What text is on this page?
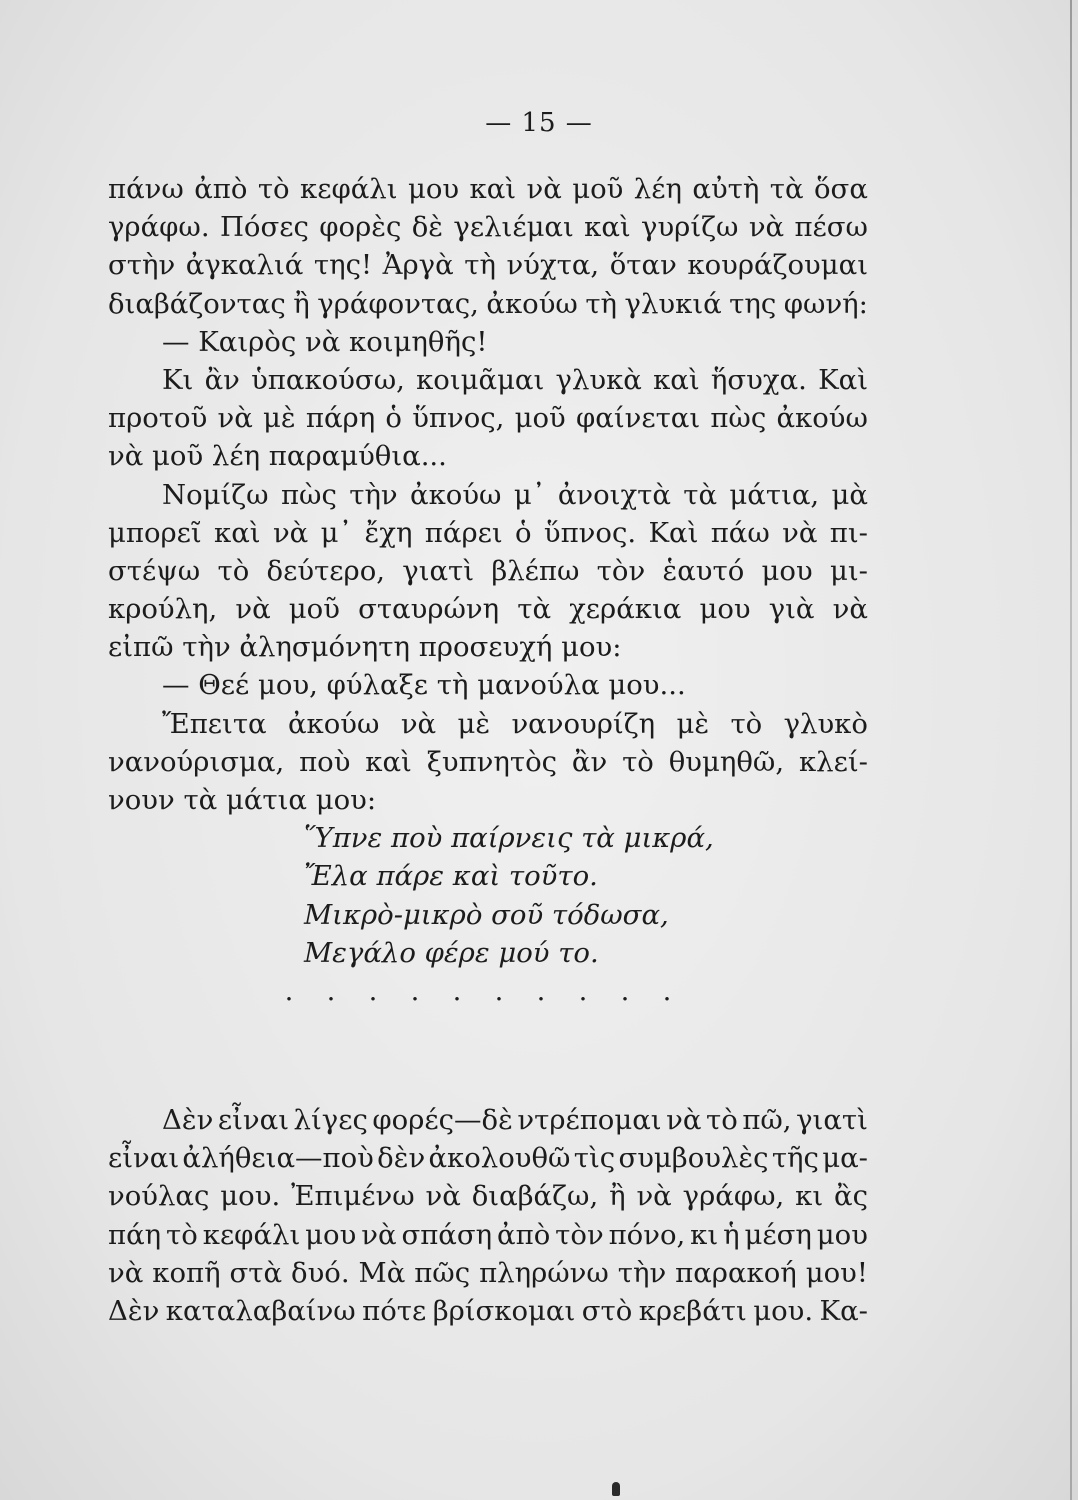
— 15 —
πάνω ἀπὸ τὸ κεφάλι μου καὶ νὰ μοῦ λέη αὐτὴ τὰ ὅσα
γράφω. Πόσες φορὲς δὲ γελιέμαι καὶ γυρίζω νὰ πέσω
στὴν ἀγκαλιά της! Ἀργὰ τὴ νύχτα, ὅταν κουράζουμαι
διαβάζοντας ἢ γράφοντας, ἀκούω τὴ γλυκιά της φωνή:
— Καιρὸς νὰ κοιμηθῆς!
Κι ἂν ὑπακούσω, κοιμᾶμαι γλυκὰ καὶ ἥσυχα. Καὶ
προτοῦ νὰ μὲ πάρη ὁ ὕπνος, μοῦ φαίνεται πὼς ἀκούω
νὰ μοῦ λέη παραμύθια...
Νομίζω πὼς τὴν ἀκούω μ᾿ ἀνοιχτὰ τὰ μάτια, μὰ
μπορεῖ καὶ νὰ μ᾿ ἔχη πάρει ὁ ὕπνος. Καὶ πάω νὰ πι-
στέψω τὸ δεύτερο, γιατὶ βλέπω τὸν ἑαυτό μου μι-
κρούλη, νὰ μοῦ σταυρώνη τὰ χεράκια μου γιὰ νὰ
εἰπῶ τὴν ἀλησμόνητη προσευχή μου:
— Θεέ μου, φύλαξε τὴ μανούλα μου...
Ἔπειτα ἀκούω νὰ μὲ νανουρίζη μὲ τὸ γλυκὸ
νανούρισμα, ποὺ καὶ ξυπνητὸς ἂν τὸ θυμηθῶ, κλεί-
νουν τὰ μάτια μου:
Ὕπνε ποὺ παίρνεις τὰ μικρά,
Ἔλα πάρε καὶ τοῦτο.
Μικρὸ-μικρὸ σοῦ τόδωσα,
Μεγάλο φέρε μού το.
.	.	.	.	.	.	.	.	.	.
Δὲν εἶναι λίγες φορές—δὲ ντρέπομαι νὰ τὸ πῶ, γιατὶ
εἶναι ἀλήθεια—ποὺ δὲν ἀκολουθῶ τὶς συμβουλὲς τῆς μα-
νούλας μου. Ἐπιμένω νὰ διαβάζω, ἢ νὰ γράφω, κι ἂς
πάη τὸ κεφάλι μου νὰ σπάση ἀπὸ τὸν πόνο, κι ἡ μέση μου
νὰ κοπῆ στὰ δυό. Μὰ πῶς πληρώνω τὴν παρακοή μου!
Δὲν καταλαβαίνω πότε βρίσκομαι στὸ κρεβάτι μου. Κα-
